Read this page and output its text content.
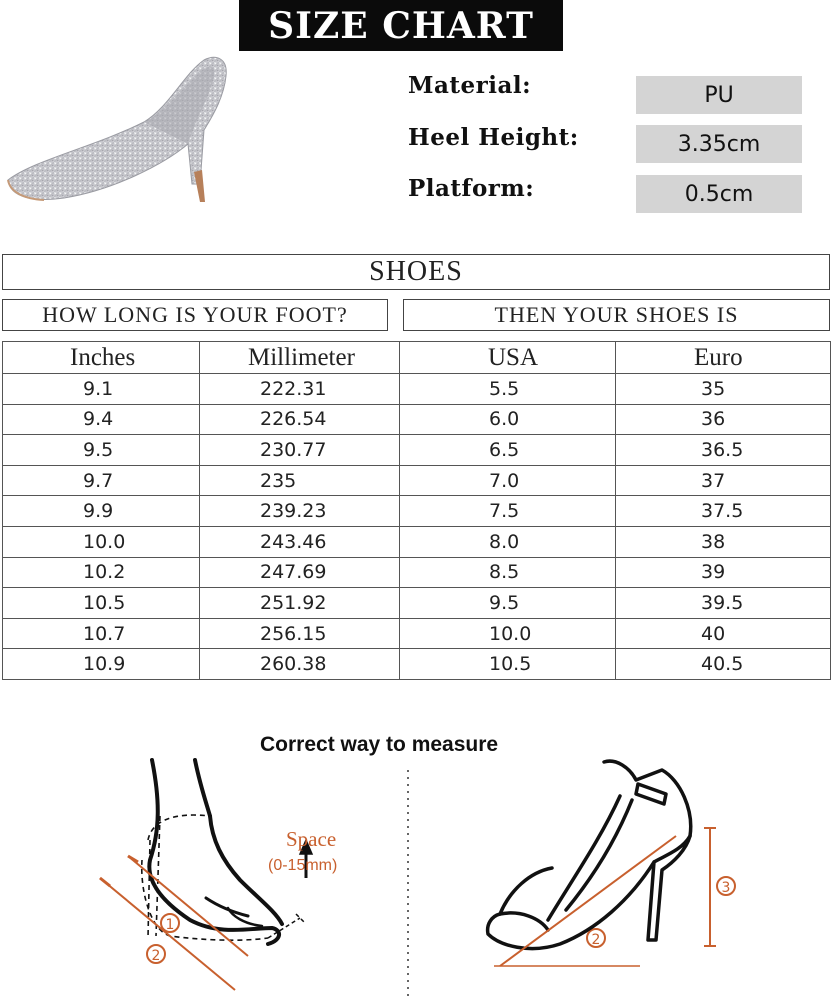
SIZE CHART
Material:	PU
Heel Height:	3.35cm
Platform:	0.5cm
SHOES
HOW LONG IS YOUR FOOT?	THEN YOUR SHOES IS
Inches	Millimeter	USA	Euro
9.1	222.31	5.5	35
9.4	226.54	6.0	36
9.5	230.77	6.5	36.5
9.7	235	7.0	37
9.9	239.23	7.5	37.5
10.0	243.46	8.0	38
10.2	247.69	8.5	39
10.5	251.92	9.5	39.5
10.7	256.15	10.0	40
10.9	260.38	10.5	40.5
Correct way to measure
1
2
2
3
Space
(0-15mm)
